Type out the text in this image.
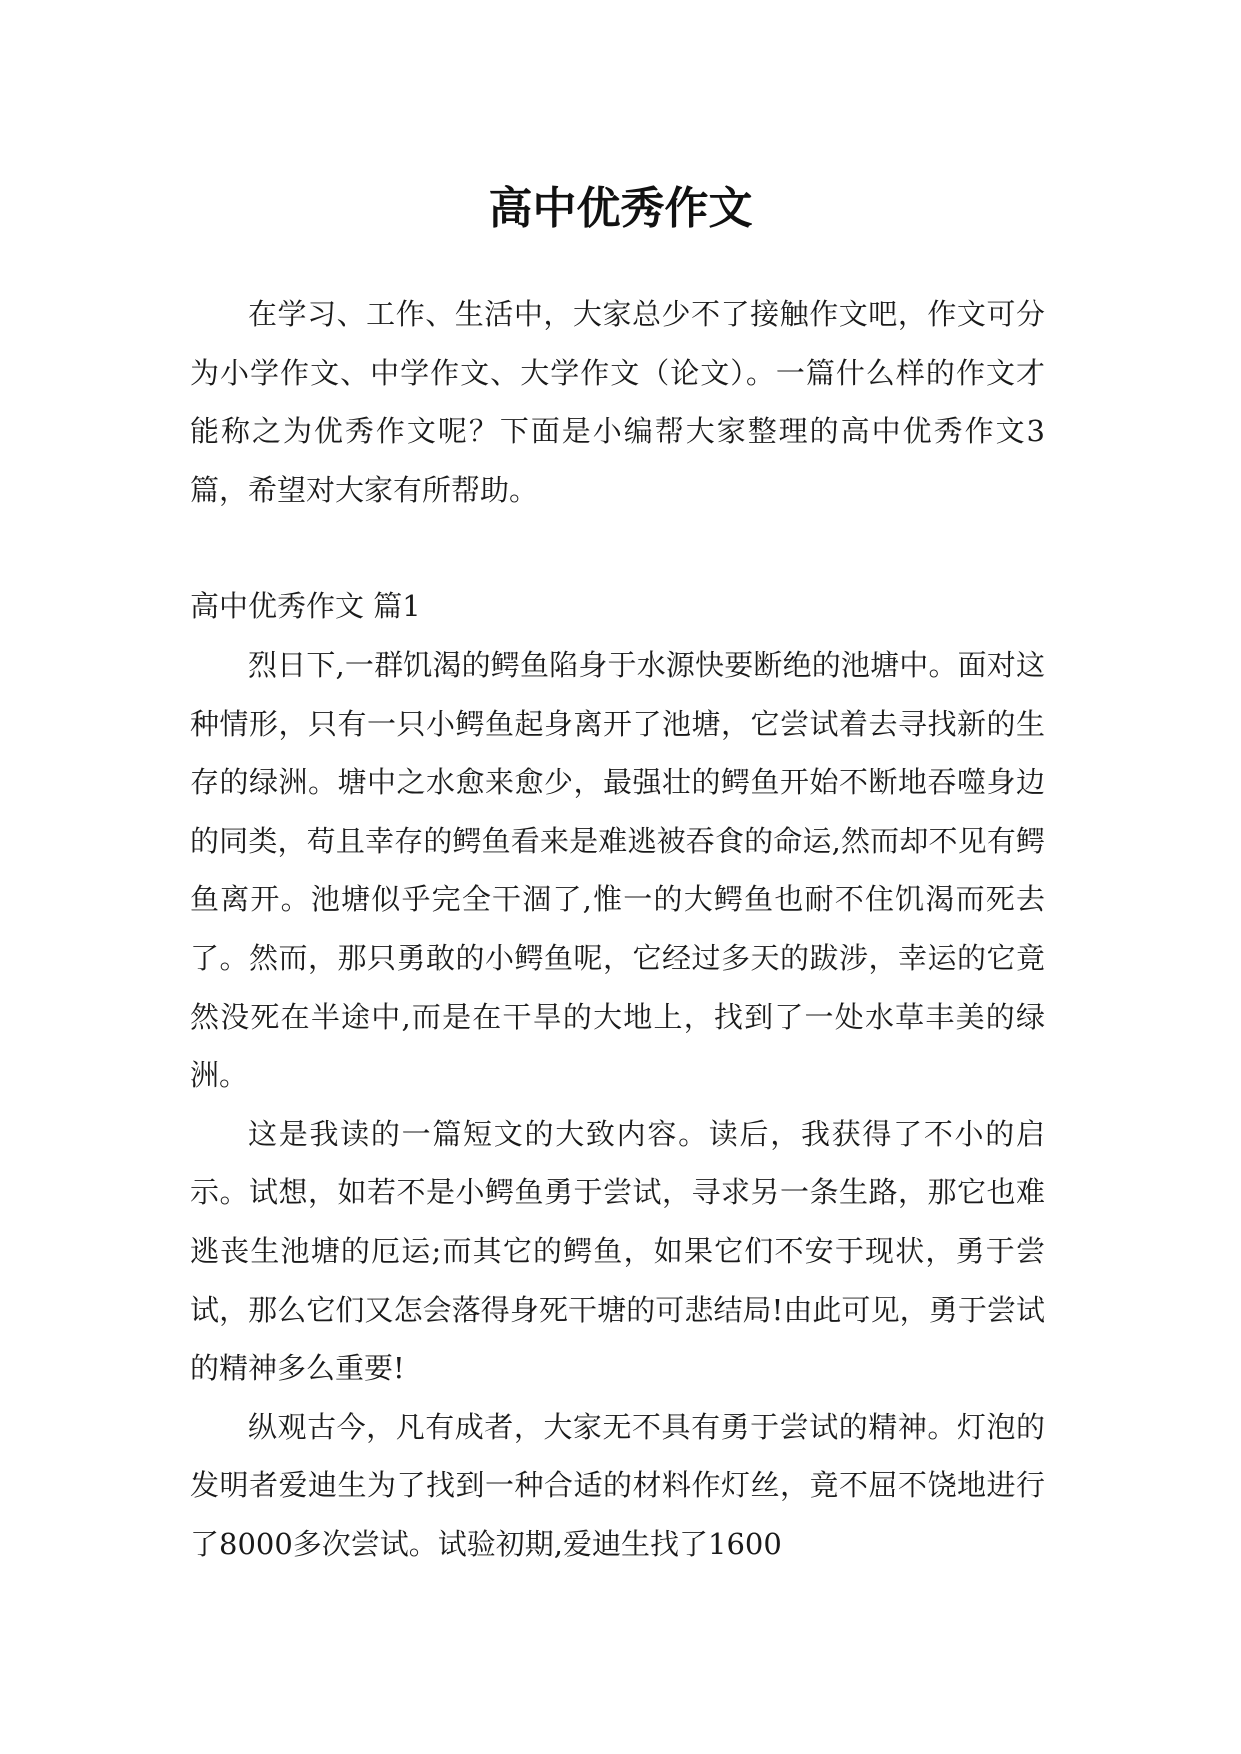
高中优秀作文

在学习、工作、生活中，大家总少不了接触作文吧，作文可分为小学作文、中学作文、大学作文（论文）。一篇什么样的作文才能称之为优秀作文呢？下面是小编帮大家整理的高中优秀作文3篇，希望对大家有所帮助。

高中优秀作文 篇1

烈日下,一群饥渴的鳄鱼陷身于水源快要断绝的池塘中。面对这种情形，只有一只小鳄鱼起身离开了池塘，它尝试着去寻找新的生存的绿洲。塘中之水愈来愈少，最强壮的鳄鱼开始不断地吞噬身边的同类，苟且幸存的鳄鱼看来是难逃被吞食的命运,然而却不见有鳄鱼离开。池塘似乎完全干涸了,惟一的大鳄鱼也耐不住饥渴而死去了。然而，那只勇敢的小鳄鱼呢，它经过多天的跋涉，幸运的它竟然没死在半途中,而是在干旱的大地上，找到了一处水草丰美的绿洲。

这是我读的一篇短文的大致内容。读后，我获得了不小的启示。试想，如若不是小鳄鱼勇于尝试，寻求另一条生路，那它也难逃丧生池塘的厄运;而其它的鳄鱼，如果它们不安于现状，勇于尝试，那么它们又怎会落得身死干塘的可悲结局!由此可见，勇于尝试的精神多么重要!

纵观古今，凡有成者，大家无不具有勇于尝试的精神。灯泡的发明者爱迪生为了找到一种合适的材料作灯丝，竟不屈不饶地进行了8000多次尝试。试验初期,爱迪生找了1600
